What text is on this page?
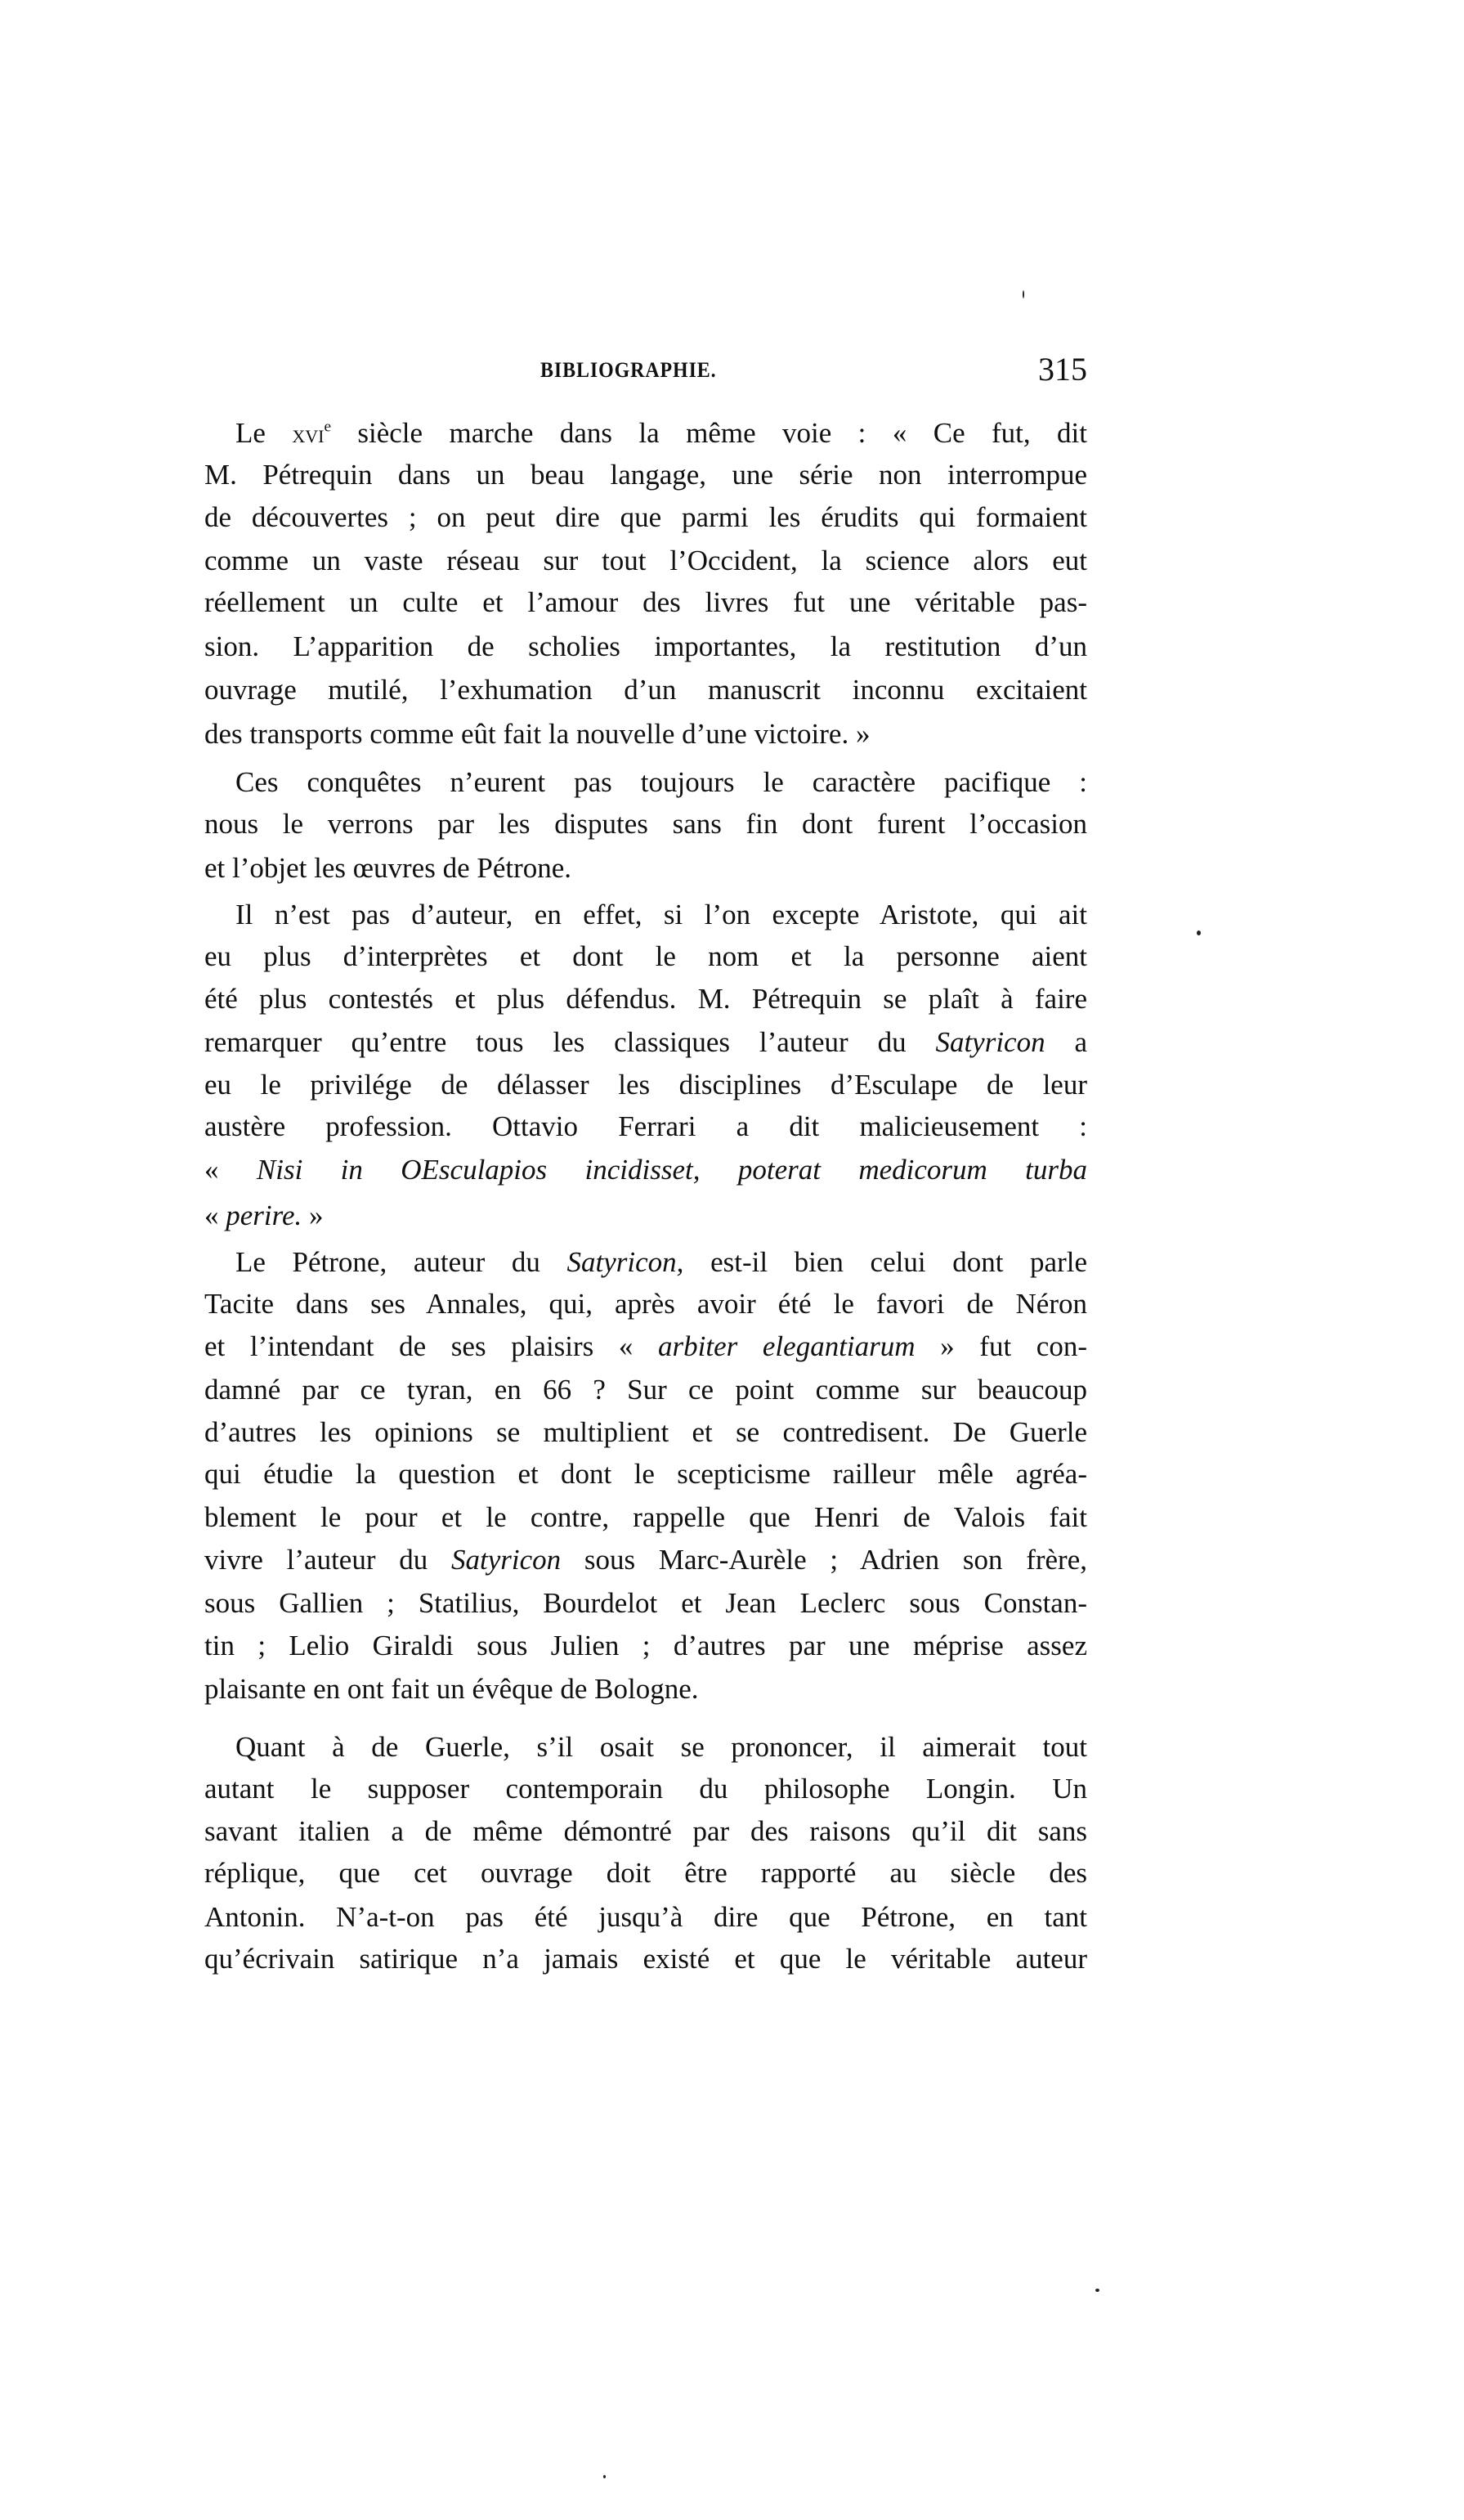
BIBLIOGRAPHIE.	315
Le xvi$^e$ siècle marche dans la même voie : « Ce fut, dit
M. Pétrequin dans un beau langage, une série non interrompue
de découvertes ; on peut dire que parmi les érudits qui formaient
comme un vaste réseau sur tout l’Occident, la science alors eut
réellement un culte et l’amour des livres fut une véritable pas-
sion. L’apparition de scholies importantes, la restitution d’un
ouvrage mutilé, l’exhumation d’un manuscrit inconnu excitaient
des transports comme eût fait la nouvelle d’une victoire. »
Ces conquêtes n’eurent pas toujours le caractère pacifique :
nous le verrons par les disputes sans fin dont furent l’occasion
et l’objet les œuvres de Pétrone.
Il n’est pas d’auteur, en effet, si l’on excepte Aristote, qui ait
eu plus d’interprètes et dont le nom et la personne aient
été plus contestés et plus défendus. M. Pétrequin se plaît à faire
remarquer qu’entre tous les classiques l’auteur du Satyricon a
eu le privilége de délasser les disciplines d’Esculape de leur
austère profession. Ottavio Ferrari a dit malicieusement :
« Nisi in OEsculapios incidisset, poterat medicorum turba
« perire. »
Le Pétrone, auteur du Satyricon, est-il bien celui dont parle
Tacite dans ses Annales, qui, après avoir été le favori de Néron
et l’intendant de ses plaisirs « arbiter elegantiarum » fut con-
damné par ce tyran, en 66 ? Sur ce point comme sur beaucoup
d’autres les opinions se multiplient et se contredisent. De Guerle
qui étudie la question et dont le scepticisme railleur mêle agréa-
blement le pour et le contre, rappelle que Henri de Valois fait
vivre l’auteur du Satyricon sous Marc-Aurèle ; Adrien son frère,
sous Gallien ; Statilius, Bourdelot et Jean Leclerc sous Constan-
tin ; Lelio Giraldi sous Julien ; d’autres par une méprise assez
plaisante en ont fait un évêque de Bologne.
Quant à de Guerle, s’il osait se prononcer, il aimerait tout
autant le supposer contemporain du philosophe Longin. Un
savant italien a de même démontré par des raisons qu’il dit sans
réplique, que cet ouvrage doit être rapporté au siècle des
Antonin. N’a-t-on pas été jusqu’à dire que Pétrone, en tant
qu’écrivain satirique n’a jamais existé et que le véritable auteur
